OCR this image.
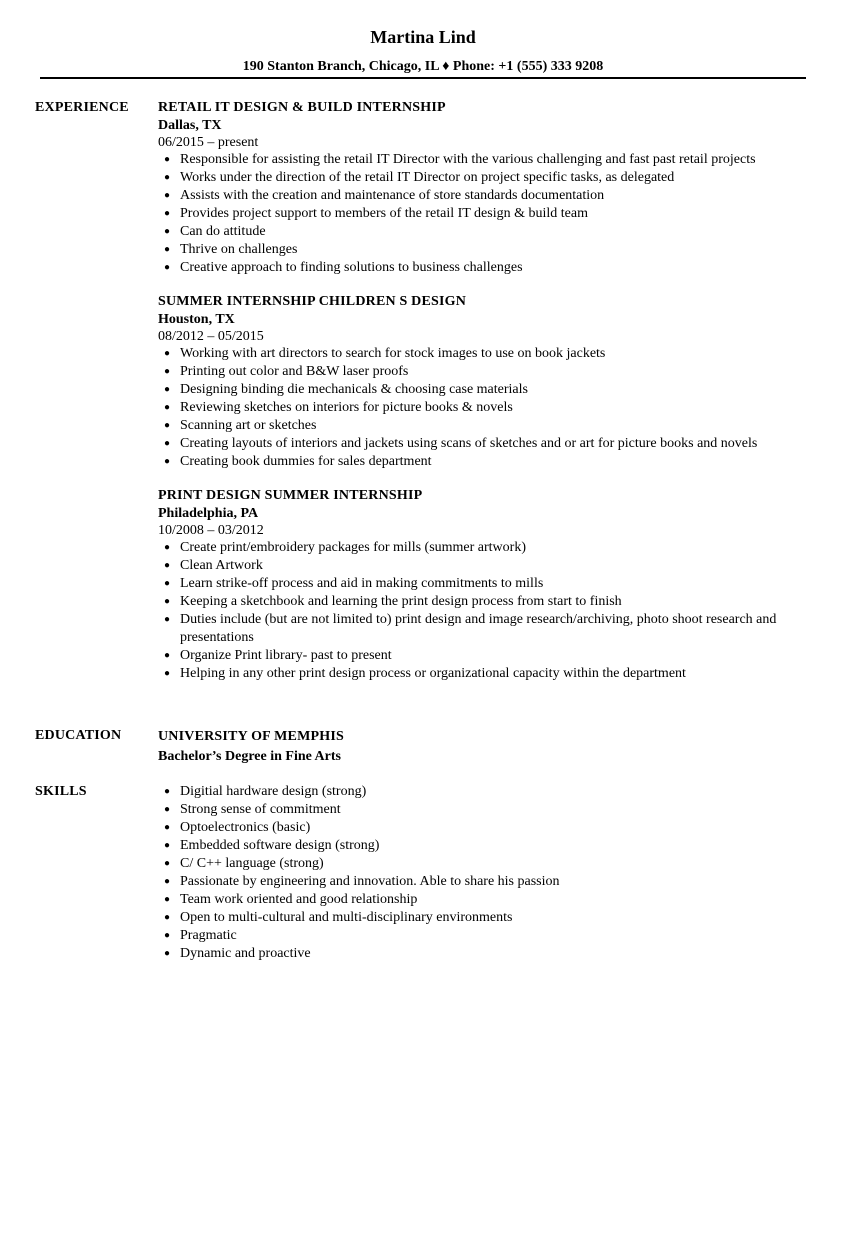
Martina Lind
190 Stanton Branch, Chicago, IL ♦ Phone: +1 (555) 333 9208
EXPERIENCE	RETAIL IT DESIGN & BUILD INTERNSHIP
Dallas, TX
06/2015 – present
● Responsible for assisting the retail IT Director with the various challenging and fast past retail projects
● Works under the direction of the retail IT Director on project specific tasks, as delegated
● Assists with the creation and maintenance of store standards documentation
● Provides project support to members of the retail IT design & build team
● Can do attitude
● Thrive on challenges
● Creative approach to finding solutions to business challenges
SUMMER INTERNSHIP CHILDREN S DESIGN
Houston, TX
08/2012 – 05/2015
● Working with art directors to search for stock images to use on book jackets
● Printing out color and B&W laser proofs
● Designing binding die mechanicals & choosing case materials
● Reviewing sketches on interiors for picture books & novels
● Scanning art or sketches
● Creating layouts of interiors and jackets using scans of sketches and or art for picture books and novels
● Creating book dummies for sales department
PRINT DESIGN SUMMER INTERNSHIP
Philadelphia, PA
10/2008 – 03/2012
● Create print/embroidery packages for mills (summer artwork)
● Clean Artwork
● Learn strike-off process and aid in making commitments to mills
● Keeping a sketchbook and learning the print design process from start to finish
● Duties include (but are not limited to) print design and image research/archiving, photo shoot research and presentations
● Organize Print library- past to present
● Helping in any other print design process or organizational capacity within the department
EDUCATION	UNIVERSITY OF MEMPHIS
Bachelor’s Degree in Fine Arts
SKILLS	● Digitial hardware design (strong)
● Strong sense of commitment
● Optoelectronics (basic)
● Embedded software design (strong)
● C/ C++ language (strong)
● Passionate by engineering and innovation. Able to share his passion
● Team work oriented and good relationship
● Open to multi-cultural and multi-disciplinary environments
● Pragmatic
● Dynamic and proactive
